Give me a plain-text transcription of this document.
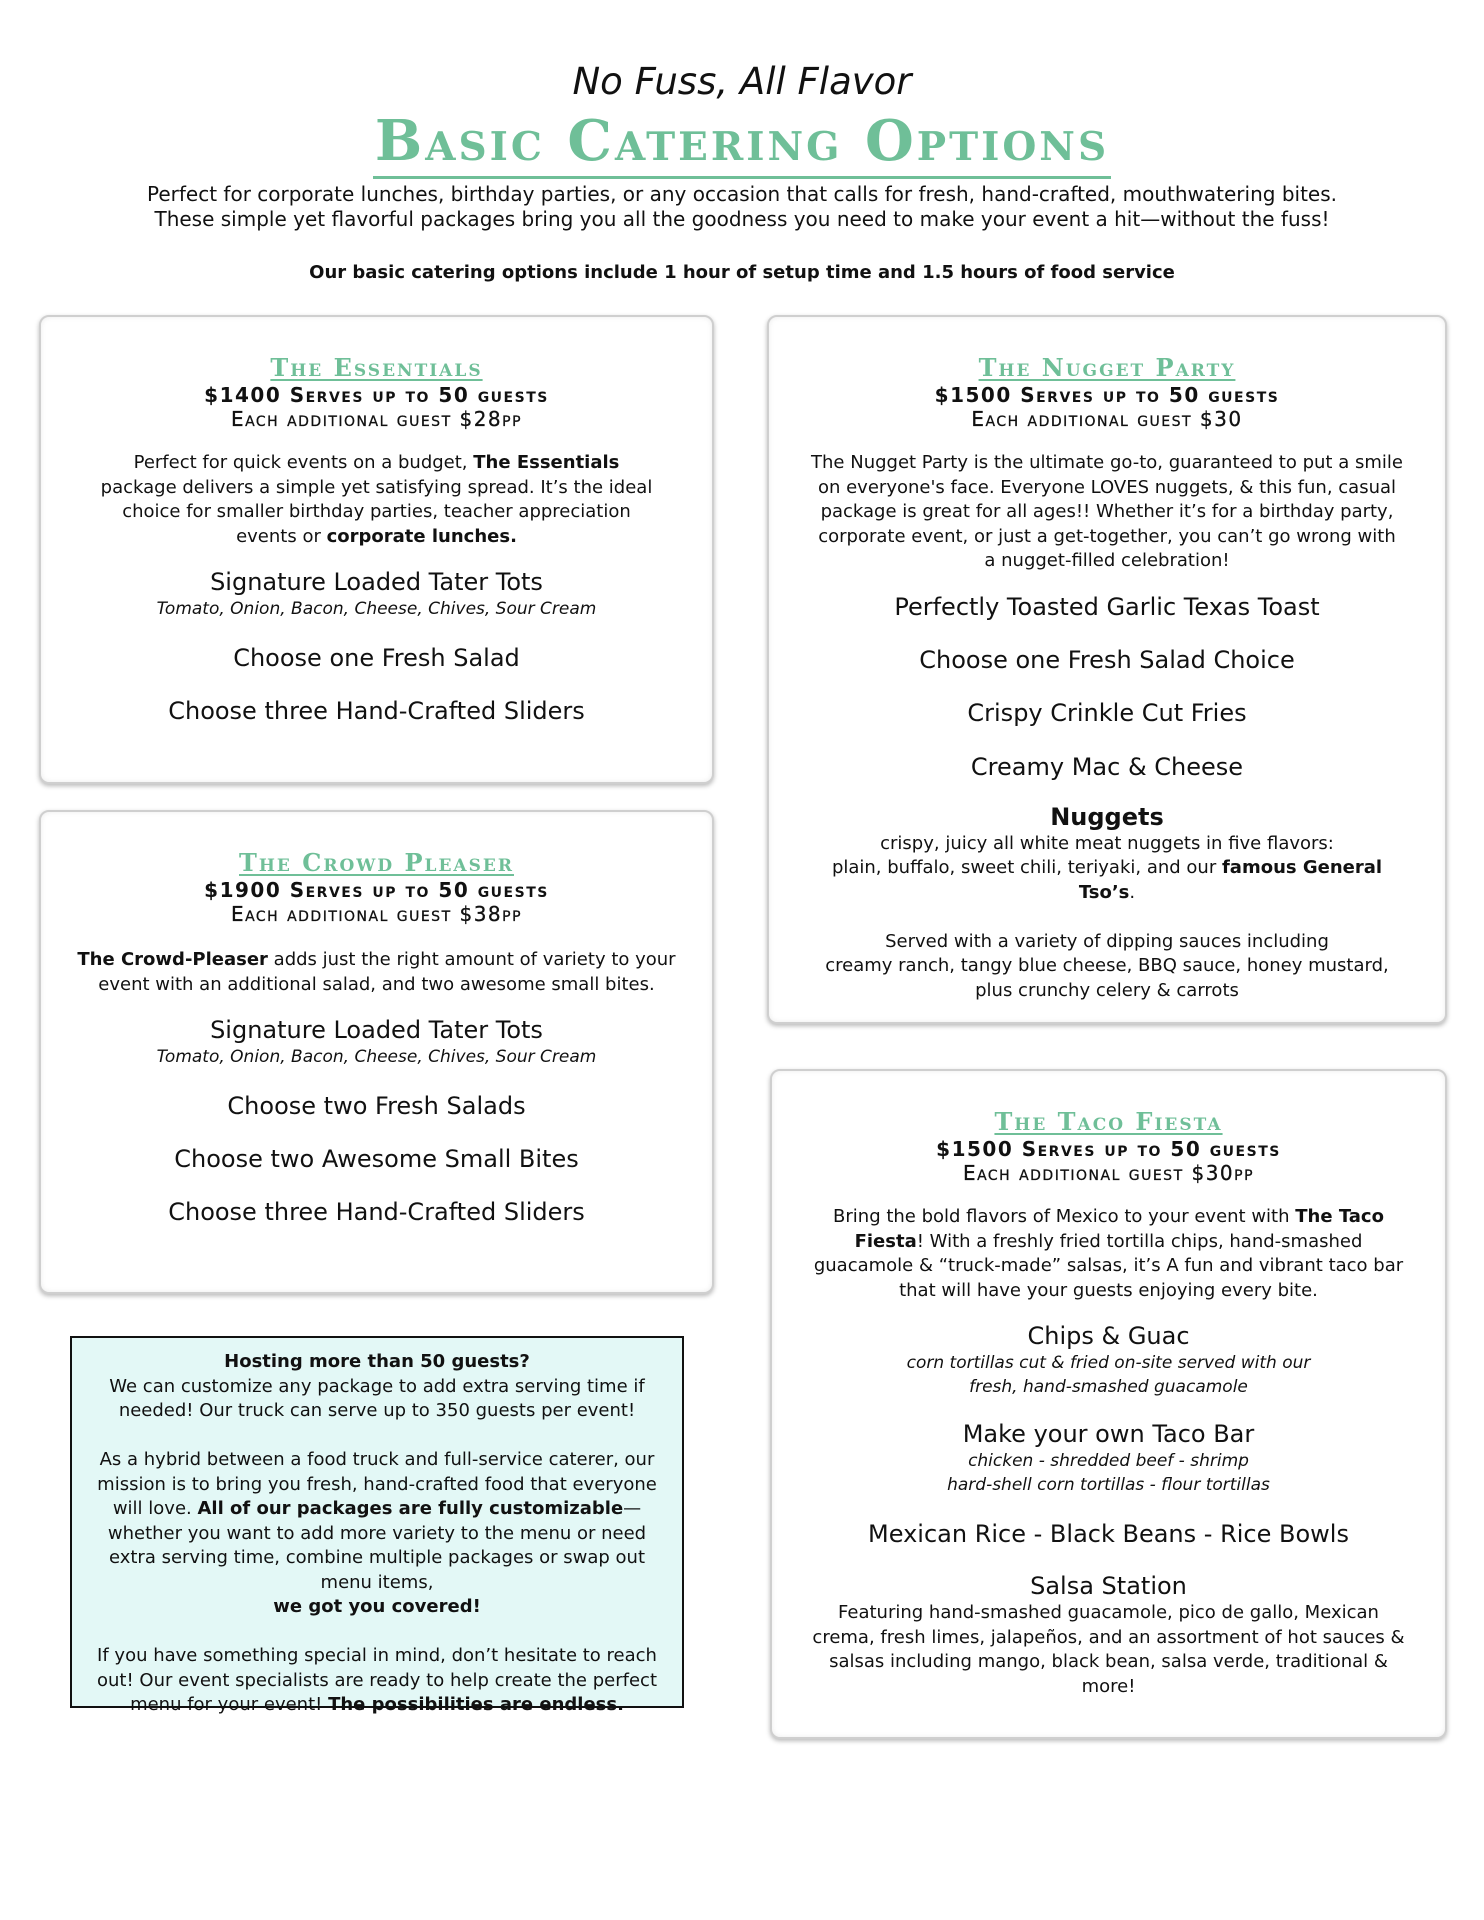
No Fuss, All Flavor
Basic Catering Options
Perfect for corporate lunches, birthday parties, or any occasion that calls for fresh, hand-crafted, mouthwatering bites.
These simple yet flavorful packages bring you all the goodness you need to make your event a hit—without the fuss!
Our basic catering options include 1 hour of setup time and 1.5 hours of food service
The Essentials
$1400 Serves up to 50 guests
Each additional guest $28pp
Perfect for quick events on a budget, The Essentials package delivers a simple yet satisfying spread. It’s the ideal choice for smaller birthday parties, teacher appreciation events or corporate lunches.
Signature Loaded Tater Tots
Tomato, Onion, Bacon, Cheese, Chives, Sour Cream
Choose one Fresh Salad
Choose three Hand-Crafted Sliders
The Crowd Pleaser
$1900 Serves up to 50 guests
Each additional guest $38pp
The Crowd-Pleaser adds just the right amount of variety to your event with an additional salad, and two awesome small bites.
Signature Loaded Tater Tots
Tomato, Onion, Bacon, Cheese, Chives, Sour Cream
Choose two Fresh Salads
Choose two Awesome Small Bites
Choose three Hand-Crafted Sliders
The Nugget Party
$1500 Serves up to 50 guests
Each additional guest $30
The Nugget Party is the ultimate go-to, guaranteed to put a smile on everyone's face. Everyone LOVES nuggets, & this fun, casual package is great for all ages!! Whether it’s for a birthday party, corporate event, or just a get-together, you can’t go wrong with a nugget-filled celebration!
Perfectly Toasted Garlic Texas Toast
Choose one Fresh Salad Choice
Crispy Crinkle Cut Fries
Creamy Mac & Cheese
Nuggets
crispy, juicy all white meat nuggets in five flavors:
plain, buffalo, sweet chili, teriyaki, and our famous General Tso’s.
Served with a variety of dipping sauces including
creamy ranch, tangy blue cheese, BBQ sauce, honey mustard,
plus crunchy celery & carrots
The Taco Fiesta
$1500 Serves up to 50 guests
Each additional guest $30pp
Bring the bold flavors of Mexico to your event with The Taco Fiesta! With a freshly fried tortilla chips, hand-smashed guacamole & “truck-made” salsas, it’s A fun and vibrant taco bar that will have your guests enjoying every bite.
Chips & Guac
corn tortillas cut & fried on-site served with our
fresh, hand-smashed guacamole
Make your own Taco Bar
chicken - shredded beef - shrimp
hard-shell corn tortillas - flour tortillas
Mexican Rice - Black Beans - Rice Bowls
Salsa Station
Featuring hand-smashed guacamole, pico de gallo, Mexican crema, fresh limes, jalapeños, and an assortment of hot sauces & salsas including mango, black bean, salsa verde, traditional & more!
Hosting more than 50 guests?
We can customize any package to add extra serving time if needed! Our truck can serve up to 350 guests per event!
As a hybrid between a food truck and full-service caterer, our mission is to bring you fresh, hand-crafted food that everyone will love. All of our packages are fully customizable—whether you want to add more variety to the menu or need extra serving time, combine multiple packages or swap out menu items,
we got you covered!
If you have something special in mind, don’t hesitate to reach out! Our event specialists are ready to help create the perfect menu for your event! The possibilities are endless.
